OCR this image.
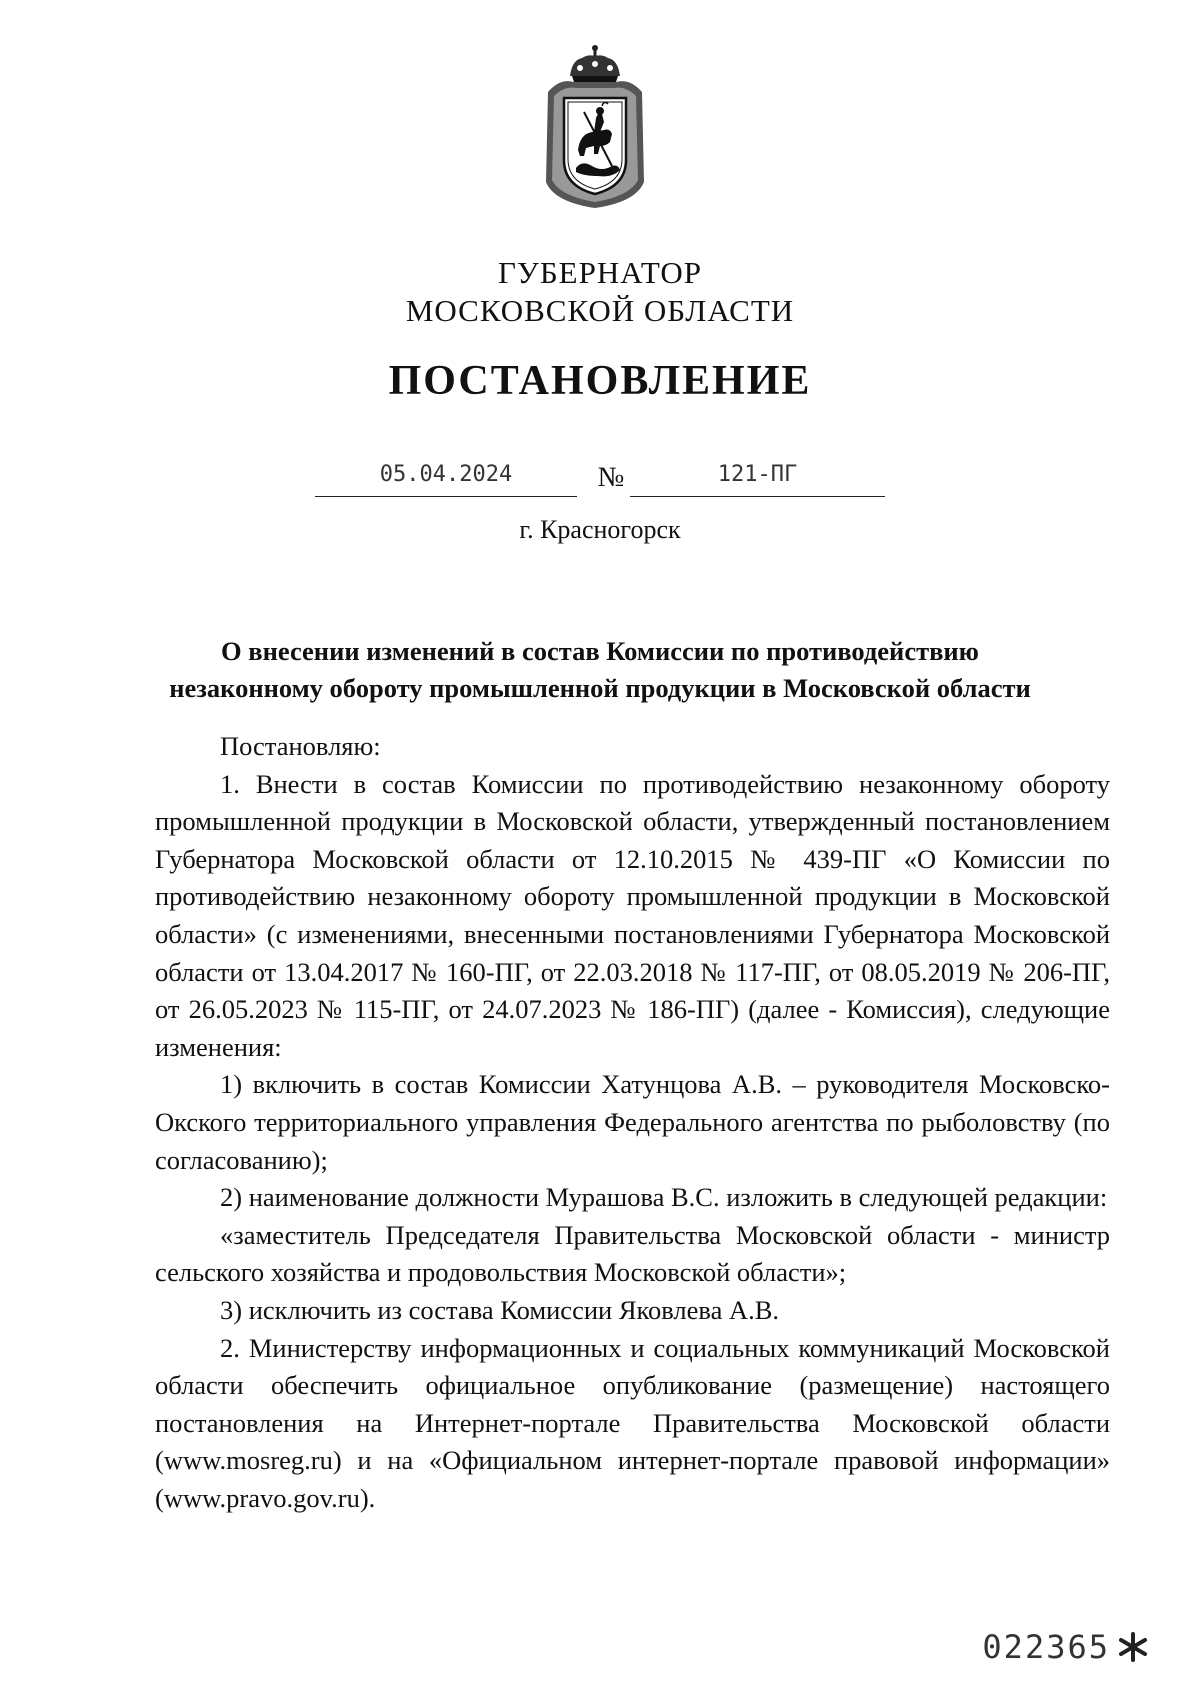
ГУБЕРНАТОР
МОСКОВСКОЙ ОБЛАСТИ
ПОСТАНОВЛЕНИЕ
05.04.2024	№	121-ПГ
г. Красногорск
О внесении изменений в состав Комиссии по противодействию незаконному обороту промышленной продукции в Московской области

Постановляю:

1. Внести в состав Комиссии по противодействию незаконному обороту промышленной продукции в Московской области, утвержденный постановлением Губернатора Московской области от 12.10.2015 № 439-ПГ «О Комиссии по противодействию незаконному обороту промышленной продукции в Московской области» (с изменениями, внесенными постановлениями Губернатора Московской области от 13.04.2017 № 160-ПГ, от 22.03.2018 № 117-ПГ, от 08.05.2019 № 206-ПГ, от 26.05.2023 № 115-ПГ, от 24.07.2023 № 186-ПГ) (далее - Комиссия), следующие изменения:

1) включить в состав Комиссии Хатунцова А.В. – руководителя Московско-Окского территориального управления Федерального агентства по рыболовству (по согласованию);

2) наименование должности Мурашова В.С. изложить в следующей редакции:

«заместитель Председателя Правительства Московской области - министр сельского хозяйства и продовольствия Московской области»;

3) исключить из состава Комиссии Яковлева А.В.

2. Министерству информационных и социальных коммуникаций Московской области обеспечить официальное опубликование (размещение) настоящего постановления на Интернет-портале Правительства Московской области (www.mosreg.ru) и на «Официальном интернет-портале правовой информации» (www.pravo.gov.ru).

022365
